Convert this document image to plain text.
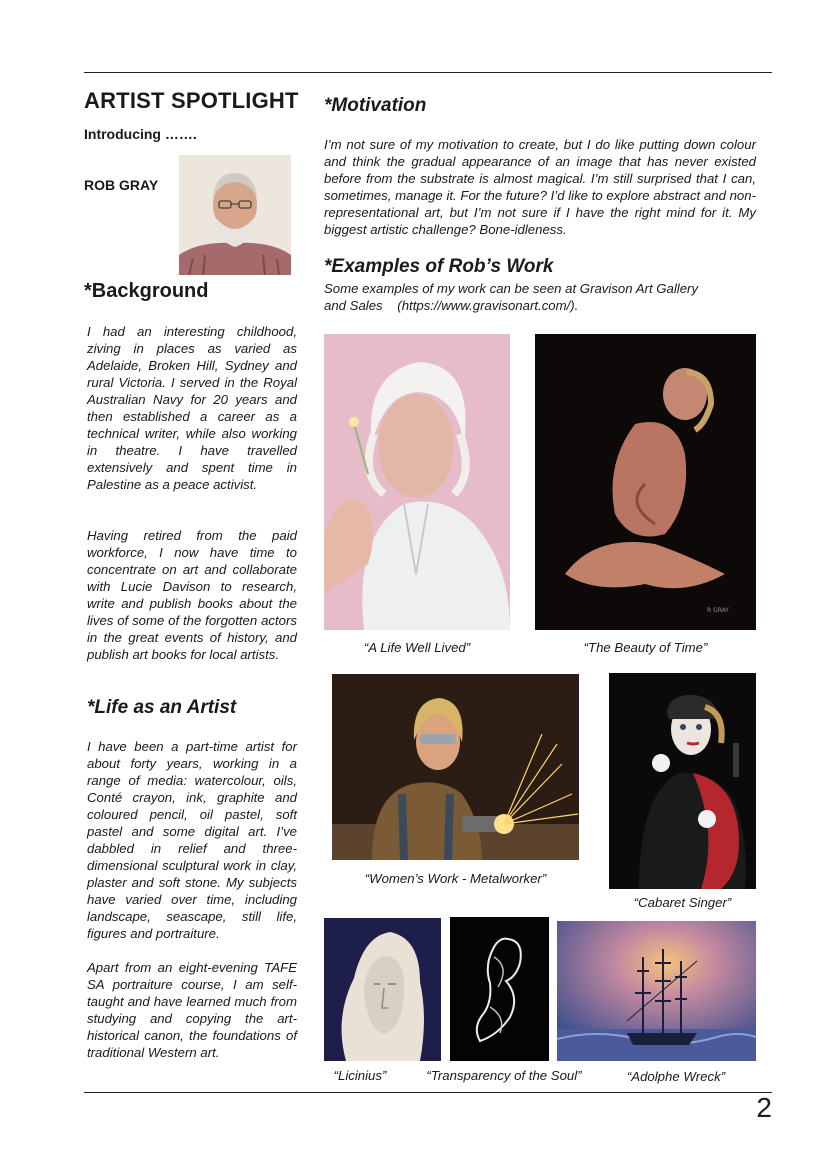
ARTIST SPOTLIGHT
Introducing …….
ROB GRAY
*Background
I had an interesting childhood, ziving in places as varied as Adelaide, Broken Hill, Sydney and rural Victoria. I served in the Royal Australian Navy for 20 years and then established a career as a technical writer, while also working in theatre. I have travelled extensively and spent time in Palestine as a peace activist.
Having retired from the paid workforce, I now have time to concentrate on art and collaborate with Lucie Davison to research, write and publish books about the lives of some of the forgotten actors in the great events of history, and publish art books for local artists.
*Life as an Artist
I have been a part-time artist for about forty years, working in a range of media: watercolour, oils, Conté crayon, ink, graphite and coloured pencil, oil pastel, soft pastel and some digital art. I’ve dabbled in relief and three-dimensional sculptural work in clay, plaster and soft stone. My subjects have varied over time, including landscape, seascape, still life, figures and portraiture.
Apart from an eight-evening TAFE SA portraiture course, I am self-taught and have learned much from studying and copying the art-historical canon, the foundations of traditional Western art.
*Motivation
I’m not sure of my motivation to create, but I do like putting down colour and think the gradual appearance of an image that has never existed before from the substrate is almost magical. I’m still surprised that I can, sometimes, manage it. For the future? I’d like to explore abstract and non-representational art, but I’m not sure if I have the right mind for it. My biggest artistic challenge? Bone-idleness.
*Examples of Rob’s Work
Some examples of my work can be seen at Gravison Art Gallery
and Sales    (https://www.gravisonart.com/).
“A Life Well Lived”
R GRAY
“The Beauty of Time”
“Women’s Work - Metalworker”
“Cabaret Singer”
“Licinius”	“Transparency of the Soul”	“Adolphe Wreck”
2
